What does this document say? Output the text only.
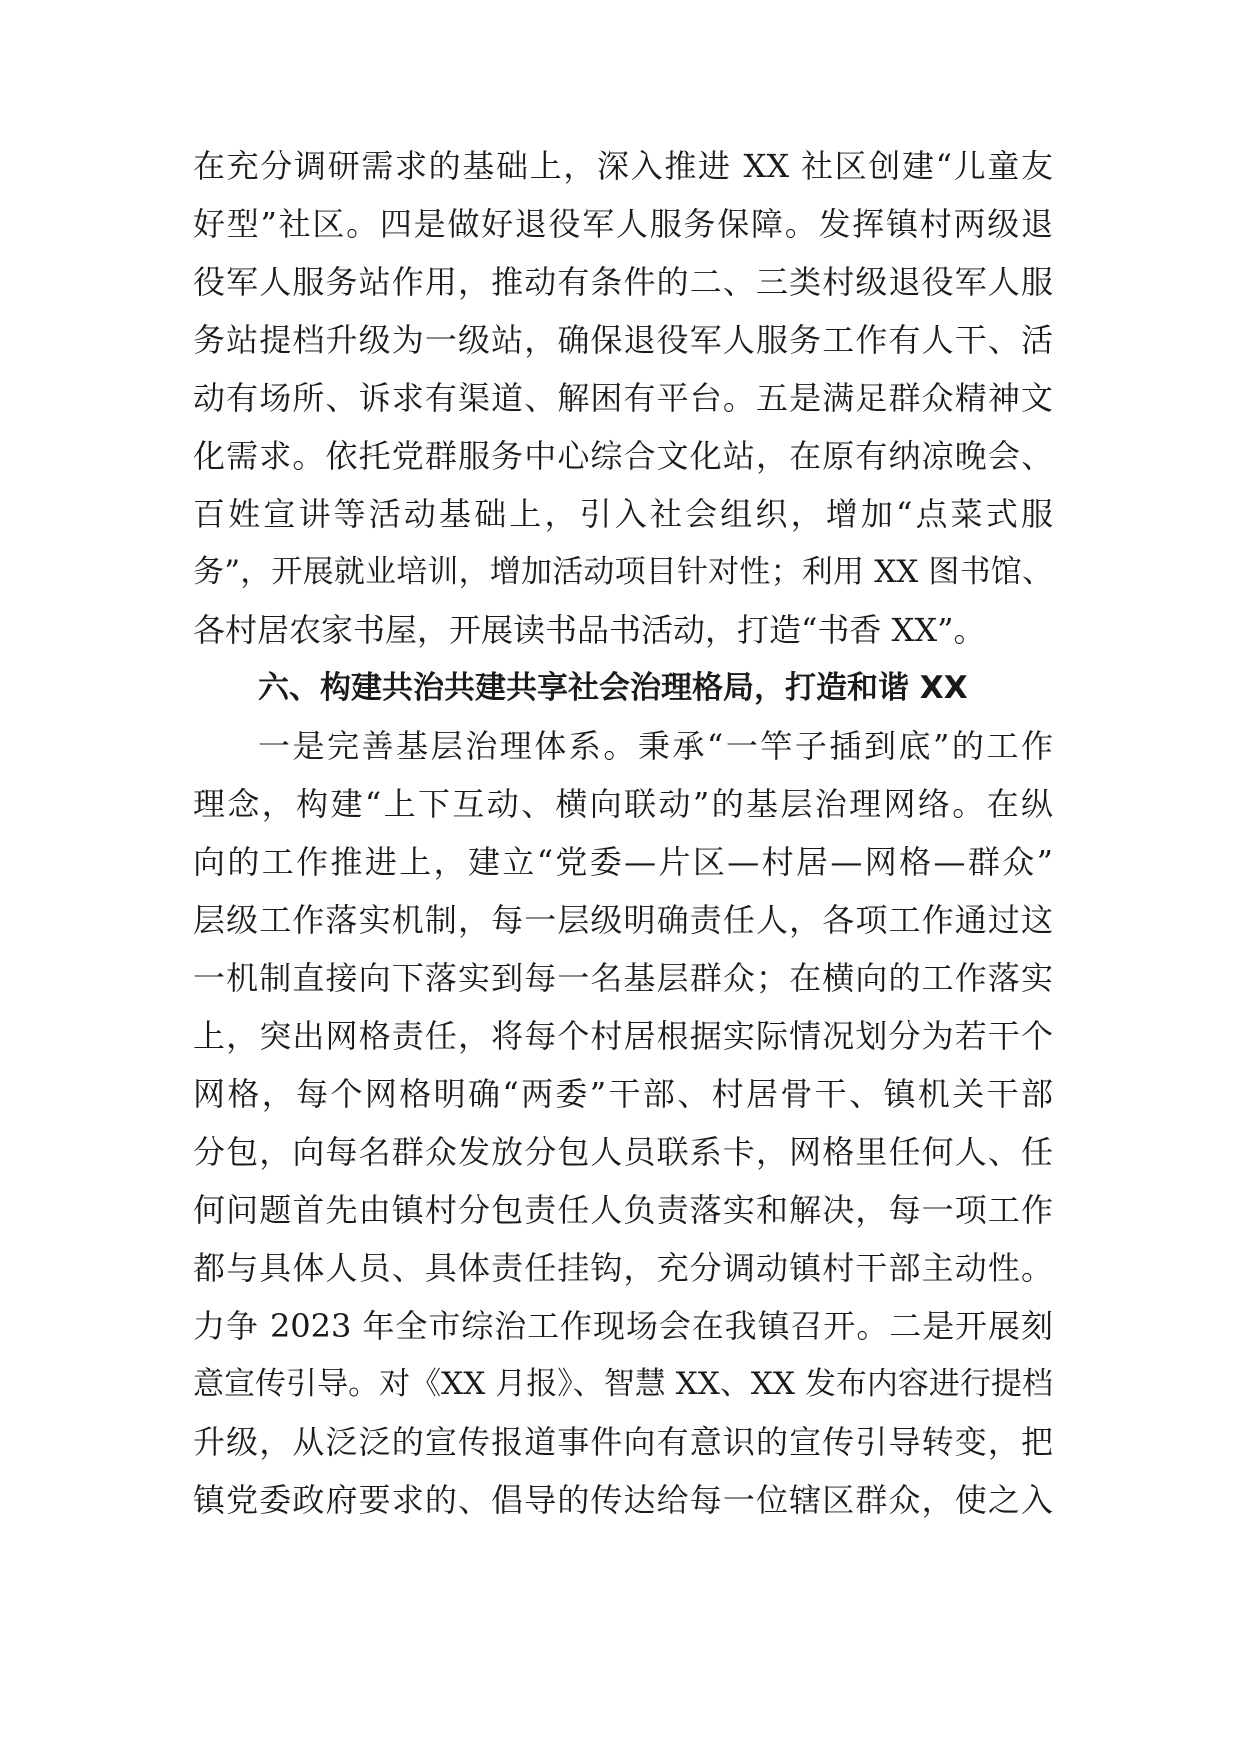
在充分调研需求的基础上，深入推进 XX 社区创建“儿童友
好型”社区。四是做好退役军人服务保障。发挥镇村两级退
役军人服务站作用，推动有条件的二、三类村级退役军人服
务站提档升级为一级站，确保退役军人服务工作有人干、活
动有场所、诉求有渠道、解困有平台。五是满足群众精神文
化需求。依托党群服务中心综合文化站，在原有纳凉晚会、
百姓宣讲等活动基础上，引入社会组织，增加“点菜式服
务”，开展就业培训，增加活动项目针对性；利用 XX 图书馆、
各村居农家书屋，开展读书品书活动，打造“书香 XX”。
六、构建共治共建共享社会治理格局，打造和谐 XX
一是完善基层治理体系。秉承“一竿子插到底”的工作
理念，构建“上下互动、横向联动”的基层治理网络。在纵
向的工作推进上，建立“党委—片区—村居—网格—群众”
层级工作落实机制，每一层级明确责任人，各项工作通过这
一机制直接向下落实到每一名基层群众；在横向的工作落实
上，突出网格责任，将每个村居根据实际情况划分为若干个
网格，每个网格明确“两委”干部、村居骨干、镇机关干部
分包，向每名群众发放分包人员联系卡，网格里任何人、任
何问题首先由镇村分包责任人负责落实和解决，每一项工作
都与具体人员、具体责任挂钩，充分调动镇村干部主动性。
力争 2023 年全市综治工作现场会在我镇召开。二是开展刻
意宣传引导。对《XX 月报》、智慧 XX、XX 发布内容进行提档
升级，从泛泛的宣传报道事件向有意识的宣传引导转变，把
镇党委政府要求的、倡导的传达给每一位辖区群众，使之入
